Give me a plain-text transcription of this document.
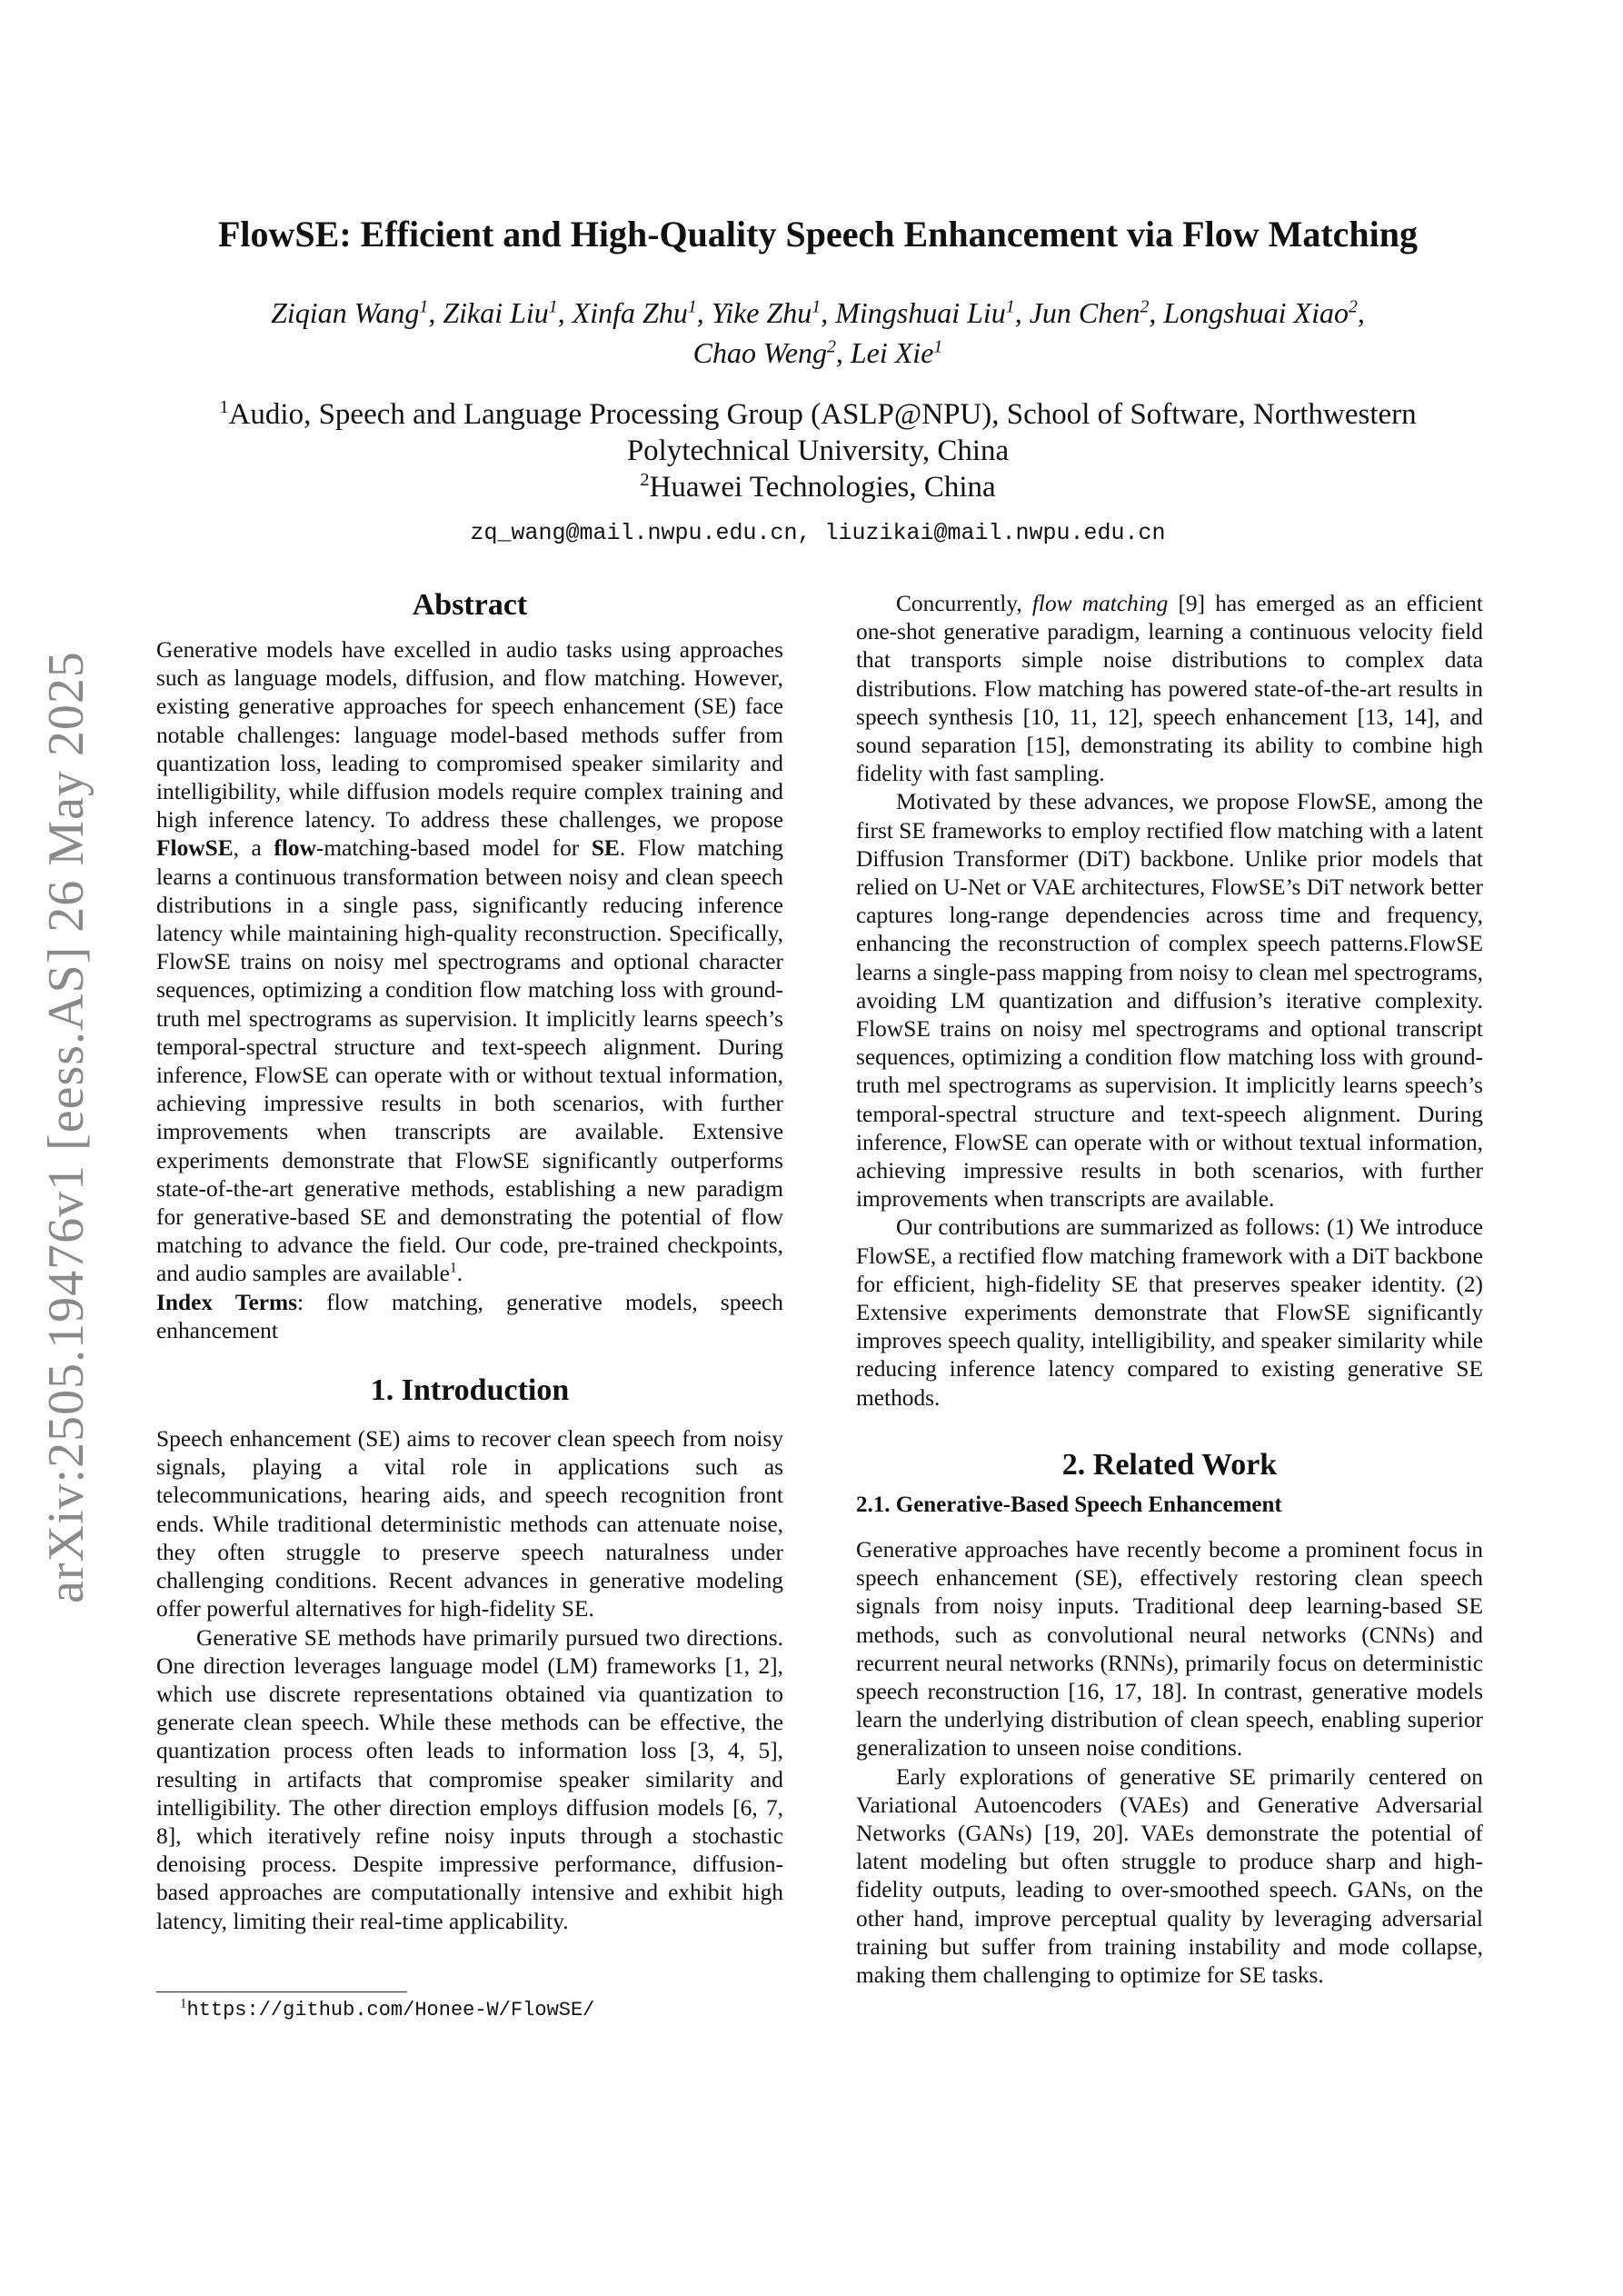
arXiv:2505.19476v1 [eess.AS] 26 May 2025
FlowSE: Efficient and High-Quality Speech Enhancement via Flow Matching
Ziqian Wang$^1$, Zikai Liu$^1$, Xinfa Zhu$^1$, Yike Zhu$^1$, Mingshuai Liu$^1$, Jun Chen$^2$, Longshuai Xiao$^2$,
Chao Weng$^2$, Lei Xie$^1$

$^1$Audio, Speech and Language Processing Group (ASLP@NPU), School of Software, Northwestern Polytechnical University, China

$^2$Huawei Technologies, China

zq_wang@mail.nwpu.edu.cn, liuzikai@mail.nwpu.edu.cn
Abstract

Generative models have excelled in audio tasks using approaches such as language models, diffusion, and flow matching. However, existing generative approaches for speech enhancement (SE) face notable challenges: language model-based methods suffer from quantization loss, leading to compromised speaker similarity and intelligibility, while diffusion models require complex training and high inference latency. To address these challenges, we propose FlowSE, a flow-matching-based model for SE. Flow matching learns a continuous transformation between noisy and clean speech distributions in a single pass, significantly reducing inference latency while maintaining high-quality reconstruction. Specifically, FlowSE trains on noisy mel spectrograms and optional character sequences, optimizing a condition flow matching loss with ground-truth mel spectrograms as supervision. It implicitly learns speech’s temporal-spectral structure and text-speech alignment. During inference, FlowSE can operate with or without textual information, achieving impressive results in both scenarios, with further improvements when transcripts are available. Extensive experiments demonstrate that FlowSE significantly outperforms state-of-the-art generative methods, establishing a new paradigm for generative-based SE and demonstrating the potential of flow matching to advance the field. Our code, pre-trained checkpoints, and audio samples are available$^1$.

Index Terms: flow matching, generative models, speech enhancement

1. Introduction

Speech enhancement (SE) aims to recover clean speech from noisy signals, playing a vital role in applications such as telecommunications, hearing aids, and speech recognition front ends. While traditional deterministic methods can attenuate noise, they often struggle to preserve speech naturalness under challenging conditions. Recent advances in generative modeling offer powerful alternatives for high-fidelity SE.

Generative SE methods have primarily pursued two directions. One direction leverages language model (LM) frameworks [1, 2], which use discrete representations obtained via quantization to generate clean speech. While these methods can be effective, the quantization process often leads to information loss [3, 4, 5], resulting in artifacts that compromise speaker similarity and intelligibility. The other direction employs diffusion models [6, 7, 8], which iteratively refine noisy inputs through a stochastic denoising process. Despite impressive performance, diffusion-based approaches are computationally intensive and exhibit high latency, limiting their real-time applicability.

Concurrently, flow matching [9] has emerged as an efficient one-shot generative paradigm, learning a continuous velocity field that transports simple noise distributions to complex data distributions. Flow matching has powered state-of-the-art results in speech synthesis [10, 11, 12], speech enhancement [13, 14], and sound separation [15], demonstrating its ability to combine high fidelity with fast sampling.

Motivated by these advances, we propose FlowSE, among the first SE frameworks to employ rectified flow matching with a latent Diffusion Transformer (DiT) backbone. Unlike prior models that relied on U-Net or VAE architectures, FlowSE’s DiT network better captures long-range dependencies across time and frequency, enhancing the reconstruction of complex speech patterns.FlowSE learns a single-pass mapping from noisy to clean mel spectrograms, avoiding LM quantization and diffusion’s iterative complexity. FlowSE trains on noisy mel spectrograms and optional transcript sequences, optimizing a condition flow matching loss with ground-truth mel spectrograms as supervision. It implicitly learns speech’s temporal-spectral structure and text-speech alignment. During inference, FlowSE can operate with or without textual information, achieving impressive results in both scenarios, with further improvements when transcripts are available.

Our contributions are summarized as follows: (1) We introduce FlowSE, a rectified flow matching framework with a DiT backbone for efficient, high-fidelity SE that preserves speaker identity. (2) Extensive experiments demonstrate that FlowSE significantly improves speech quality, intelligibility, and speaker similarity while reducing inference latency compared to existing generative SE methods.

2. Related Work
2.1. Generative-Based Speech Enhancement

Generative approaches have recently become a prominent focus in speech enhancement (SE), effectively restoring clean speech signals from noisy inputs. Traditional deep learning-based SE methods, such as convolutional neural networks (CNNs) and recurrent neural networks (RNNs), primarily focus on deterministic speech reconstruction [16, 17, 18]. In contrast, generative models learn the underlying distribution of clean speech, enabling superior generalization to unseen noise conditions.

Early explorations of generative SE primarily centered on Variational Autoencoders (VAEs) and Generative Adversarial Networks (GANs) [19, 20]. VAEs demonstrate the potential of latent modeling but often struggle to produce sharp and high-fidelity outputs, leading to over-smoothed speech. GANs, on the other hand, improve perceptual quality by leveraging adversarial training but suffer from training instability and mode collapse, making them challenging to optimize for SE tasks.

$^1$https://github.com/Honee-W/FlowSE/
